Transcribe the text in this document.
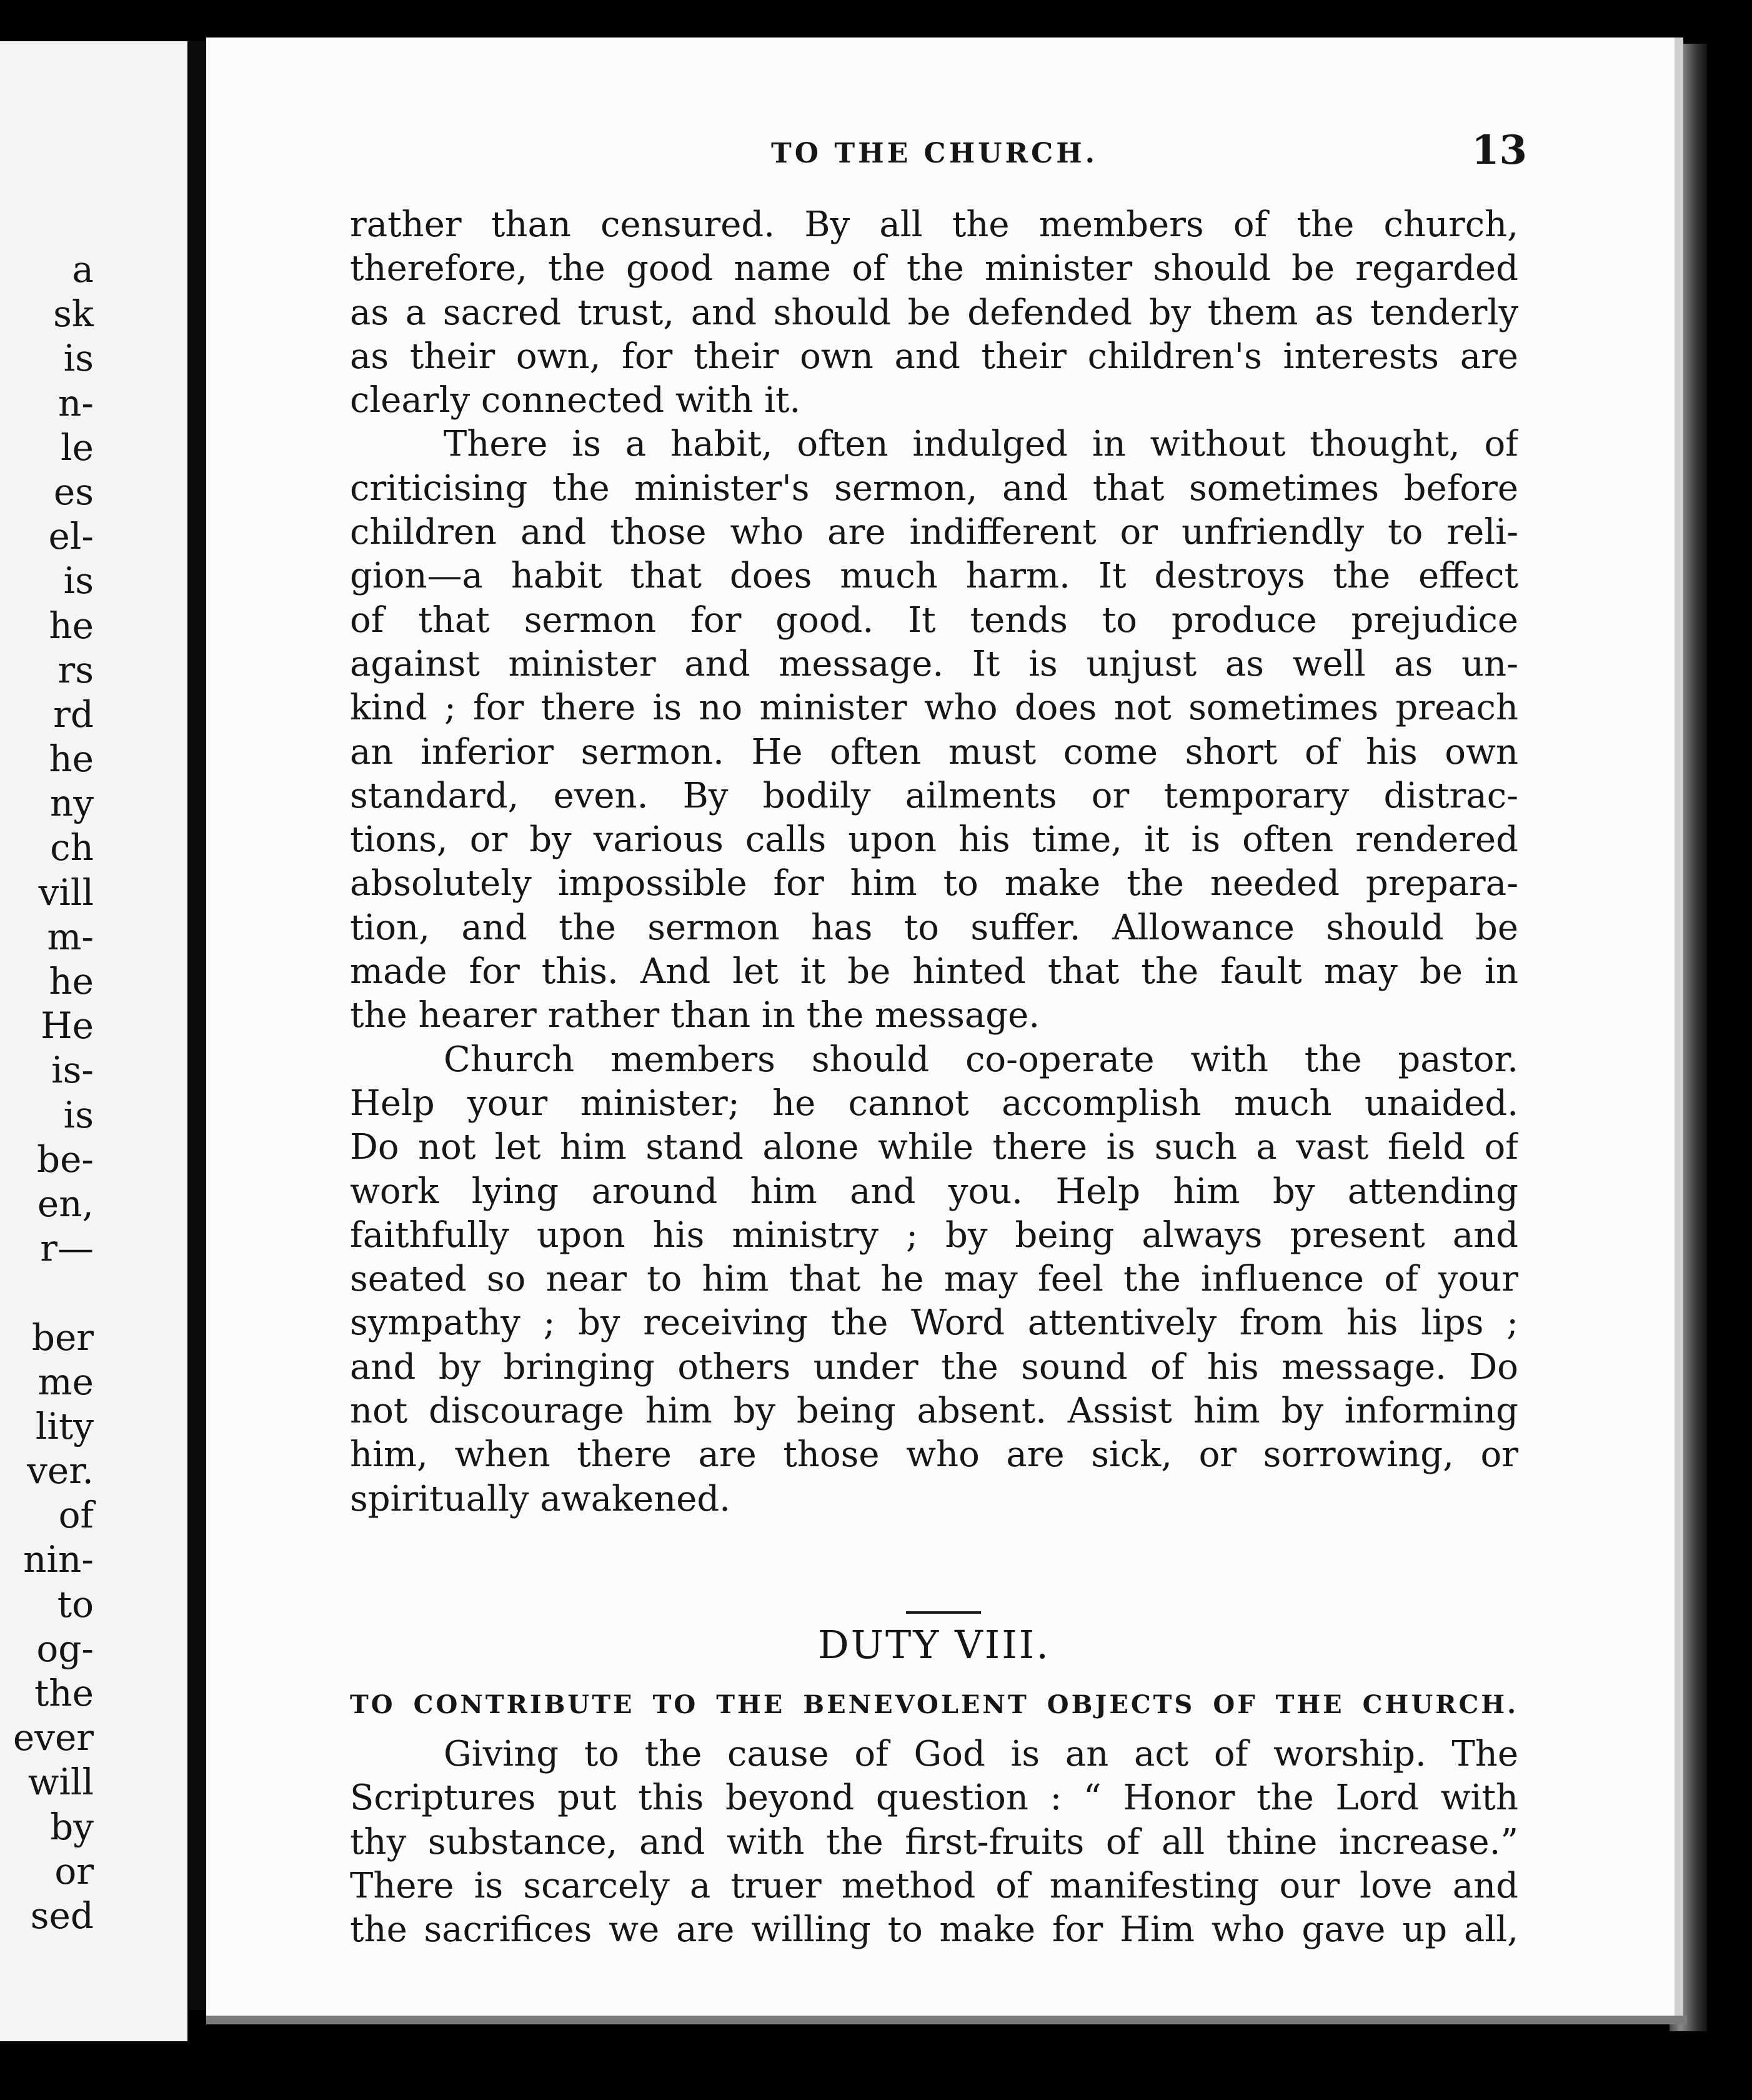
a
sk
is
n-
le
es
el-
is
he
rs
rd
he
ny
ch
vill
m-
he
He
is-
is
be-
en,
r—
ber
me
lity
ver.
of
nin-
to
og-
the
ever
will
by
or
sed
TO THE CHURCH.	13
rather than censured. By all the members of the church,
therefore, the good name of the minister should be regarded
as a sacred trust, and should be defended by them as tenderly
as their own, for their own and their children's interests are
clearly connected with it.
There is a habit, often indulged in without thought, of
criticising the minister's sermon, and that sometimes before
children and those who are indifferent or unfriendly to reli-
gion—a habit that does much harm. It destroys the effect
of that sermon for good. It tends to produce prejudice
against minister and message. It is unjust as well as un-
kind ; for there is no minister who does not sometimes preach
an inferior sermon. He often must come short of his own
standard, even. By bodily ailments or temporary distrac-
tions, or by various calls upon his time, it is often rendered
absolutely impossible for him to make the needed prepara-
tion, and the sermon has to suffer. Allowance should be
made for this. And let it be hinted that the fault may be in
the hearer rather than in the message.
Church members should co-operate with the pastor.
Help your minister; he cannot accomplish much unaided.
Do not let him stand alone while there is such a vast field of
work lying around him and you. Help him by attending
faithfully upon his ministry ; by being always present and
seated so near to him that he may feel the influence of your
sympathy ; by receiving the Word attentively from his lips ;
and by bringing others under the sound of his message. Do
not discourage him by being absent. Assist him by informing
him, when there are those who are sick, or sorrowing, or
spiritually awakened.
DUTY VIII.
TO CONTRIBUTE TO THE BENEVOLENT OBJECTS OF THE CHURCH.
Giving to the cause of God is an act of worship. The
Scriptures put this beyond question : “ Honor the Lord with
thy substance, and with the first-fruits of all thine increase.”
There is scarcely a truer method of manifesting our love and
the sacrifices we are willing to make for Him who gave up all,
